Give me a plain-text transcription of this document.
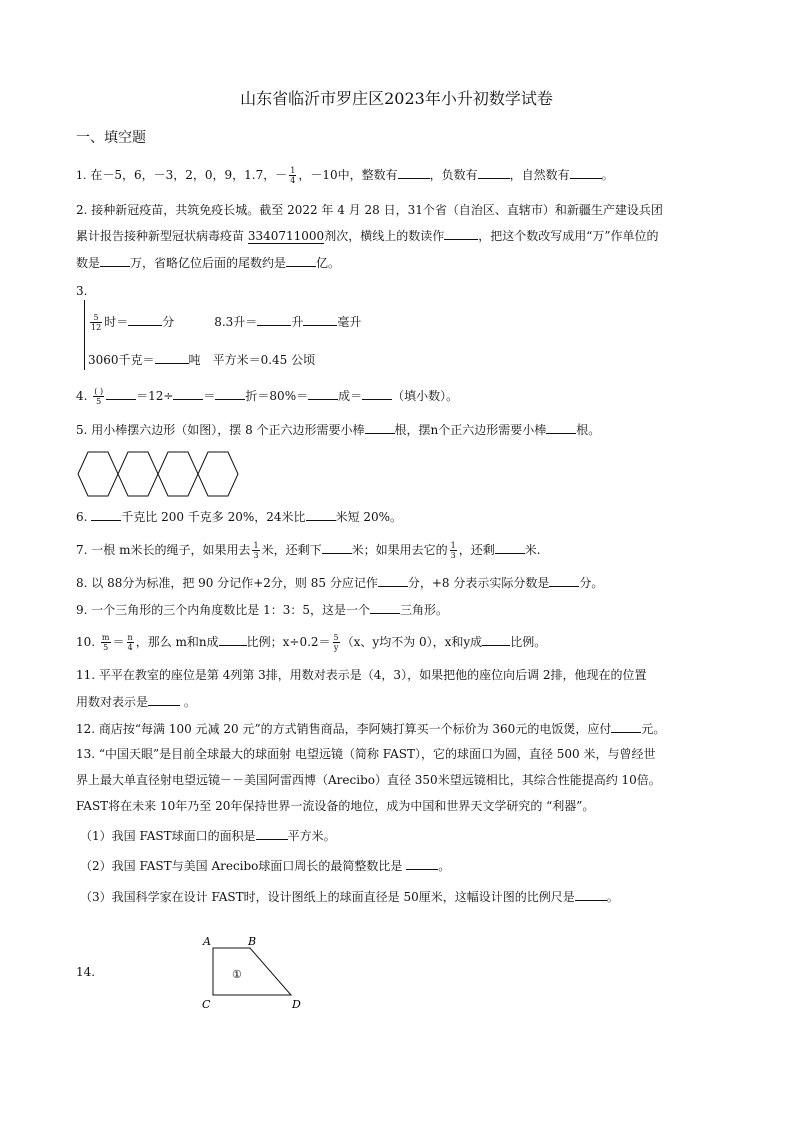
山东省临沂市罗庄区2023年小升初数学试卷
一、填空题
1. 在－5，6，－3，2，0，9，1.7，－ $\frac{1}{4}$ ，－10中，整数有	，负数有	，自然数有	。
2. 接种新冠疫苗，共筑免疫长城。截至 2022 年 4 月 28 日，31个省（自治区、直辖市）和新疆生产建设兵团
累计报告接种新型冠状病毒疫苗 3340711000剂次，横线上的数读作	，把这个数改写成用“万”作单位的
数是	万，省略亿位后面的尾数约是	亿。
3.
$\frac{5}{12}$ 时＝	分	8.3升＝	升	毫升
3060千克＝	吨 平方米＝0.45 公顷
4. $\frac{( )}{5}$	＝12÷	＝	折＝80%＝	成＝	（填小数）。
5. 用小棒摆六边形（如图），摆 8 个正六边形需要小棒	根，摆n个正六边形需要小棒	根。
6.	千克比 200 千克多 20%，24米比	米短 20%。
7. 一根 m米长的绳子，如果用去 $\frac{1}{3}$ 米，还剩下	米；如果用去它的 $\frac{1}{3}$ ，还剩	米.
8. 以 88分为标准，把 90 分记作+2分，则 85 分应记作	分，+8 分表示实际分数是	分。
9. 一个三角形的三个内角度数比是 1：3：5，这是一个	三角形。
10. $\frac{m}{5} = \frac{n}{4}$ ，那么 m和n成 比例；$x\div 0.2= \frac{5}{y} (x$、y均不为 0），x和y成 比例。
11. 平平在教室的座位是第 4列第 3排，用数对表示是（4，3），如果把他的座位向后调 2排，他现在的位置
用数对表示是	。
12. 商店按“每满 100 元减 20 元”的方式销售商品，李阿姨打算买一个标价为 360元的电饭煲，应付	元。
13. “中国天眼”是目前全球最大的球面射 电望远镜（简称 FAST），它的球面口为圆，直径 500 米，与曾经世
界上最大单直径射电望远镜－－美国阿雷西博（Arecibo）直径 350米望远镜相比，其综合性能提高约 10倍。
FAST将在未来 10年乃至 20年保持世界一流设备的地位，成为中国和世界天文学研究的 “利器”。
（1）我国 FAST球面口的面积是	平方米。
（2）我国 FAST与美国 Arecibo球面口周长的最简整数比是	。
（3）我国科学家在设计 FAST时，设计图纸上的球面直径是 50厘米，这幅设计图的比例尺是	。
14.
A	B
C	D
①
